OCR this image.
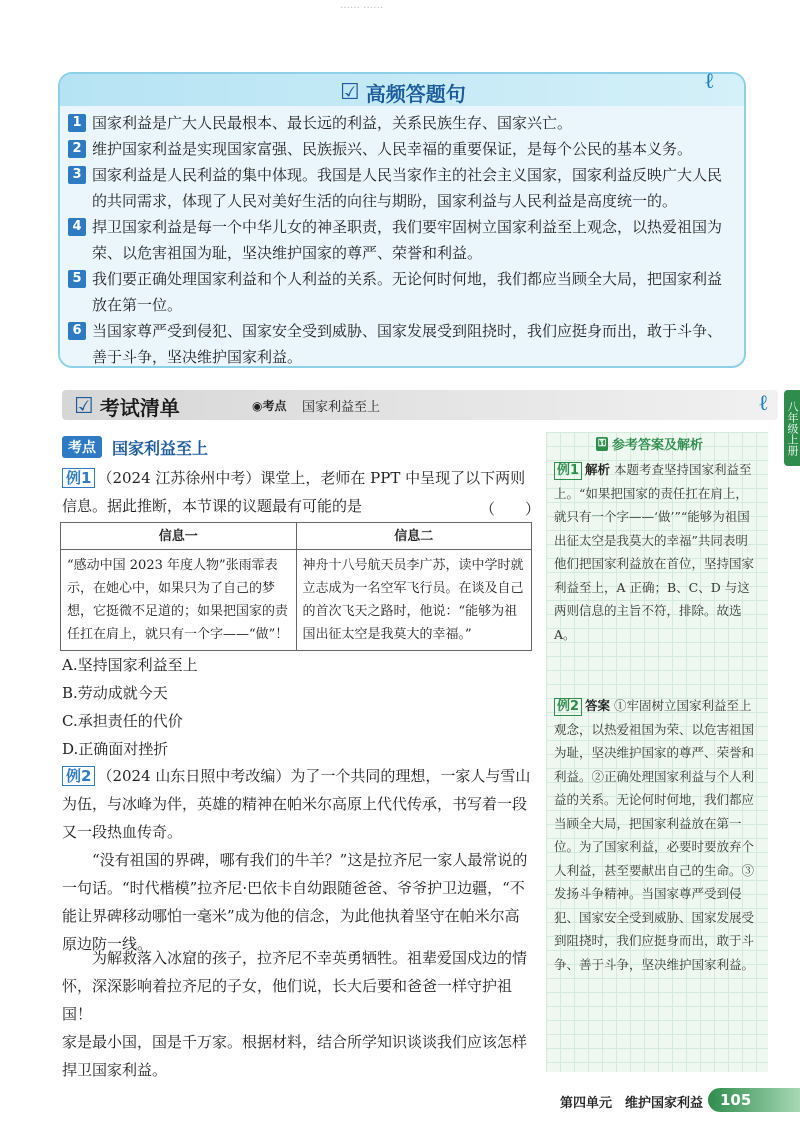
…… ……
☑ 高频答题句	ℓ
1 国家利益是广大人民最根本、最长远的利益，关系民族生存、国家兴亡。
2 维护国家利益是实现国家富强、民族振兴、人民幸福的重要保证，是每个公民的基本义务。
3 国家利益是人民利益的集中体现。我国是人民当家作主的社会主义国家，国家利益反映广大人民的共同需求，体现了人民对美好生活的向往与期盼，国家利益与人民利益是高度统一的。
4 捍卫国家利益是每一个中华儿女的神圣职责，我们要牢固树立国家利益至上观念，以热爱祖国为荣、以危害祖国为耻，坚决维护国家的尊严、荣誉和利益。
5 我们要正确处理国家利益和个人利益的关系。无论何时何地，我们都应当顾全大局，把国家利益放在第一位。
6 当国家尊严受到侵犯、国家安全受到威胁、国家发展受到阻挠时，我们应挺身而出，敢于斗争、善于斗争，坚决维护国家利益。
☑ 考试清单	◉考点 国家利益至上	ℓ 八年级上册
考点	国家利益至上
例1 （2024 江苏徐州中考）课堂上，老师在 PPT 中呈现了以下两则信息。据此推断，本节课的议题最有可能的是	（　　）
信息一	信息二
“感动中国 2023 年度人物”张雨霏表示，在她心中，如果只为了自己的梦想，它挺微不足道的；如果把国家的责任扛在肩上，就只有一个字——“做”！	神舟十八号航天员李广苏，读中学时就立志成为一名空军飞行员。在谈及自己的首次飞天之路时，他说：“能够为祖国出征太空是我莫大的幸福。”
A.坚持国家利益至上
B.劳动成就今天
C.承担责任的代价
D.正确面对挫折
例2 （2024 山东日照中考改编）为了一个共同的理想，一家人与雪山为伍，与冰峰为伴，英雄的精神在帕米尔高原上代代传承，书写着一段又一段热血传奇。
“没有祖国的界碑，哪有我们的牛羊？”这是拉齐尼一家人最常说的一句话。“时代楷模”拉齐尼·巴依卡自幼跟随爸爸、爷爷护卫边疆，“不能让界碑移动哪怕一毫米”成为他的信念，为此他执着坚守在帕米尔高原边防一线。
为解救落入冰窟的孩子，拉齐尼不幸英勇牺牲。祖辈爱国戍边的情怀，深深影响着拉齐尼的子女，他们说，长大后要和爸爸一样守护祖国！
家是最小国，国是千万家。根据材料，结合所学知识谈谈我们应该怎样捍卫国家利益。
⚿ 参考答案及解析
例1 解析 本题考查坚持国家利益至上。“如果把国家的责任扛在肩上，就只有一个字——‘做’”“能够为祖国出征太空是我莫大的幸福”共同表明他们把国家利益放在首位，坚持国家利益至上，A 正确；B、C、D 与这两则信息的主旨不符，排除。故选 A。
例2 答案 ①牢固树立国家利益至上观念，以热爱祖国为荣、以危害祖国为耻，坚决维护国家的尊严、荣誉和利益。②正确处理国家利益与个人利益的关系。无论何时何地，我们都应当顾全大局，把国家利益放在第一位。为了国家利益，必要时要放弃个人利益，甚至要献出自己的生命。③发扬斗争精神。当国家尊严受到侵犯、国家安全受到威胁、国家发展受到阻挠时，我们应挺身而出，敢于斗争、善于斗争，坚决维护国家利益。
第四单元　维护国家利益	105
